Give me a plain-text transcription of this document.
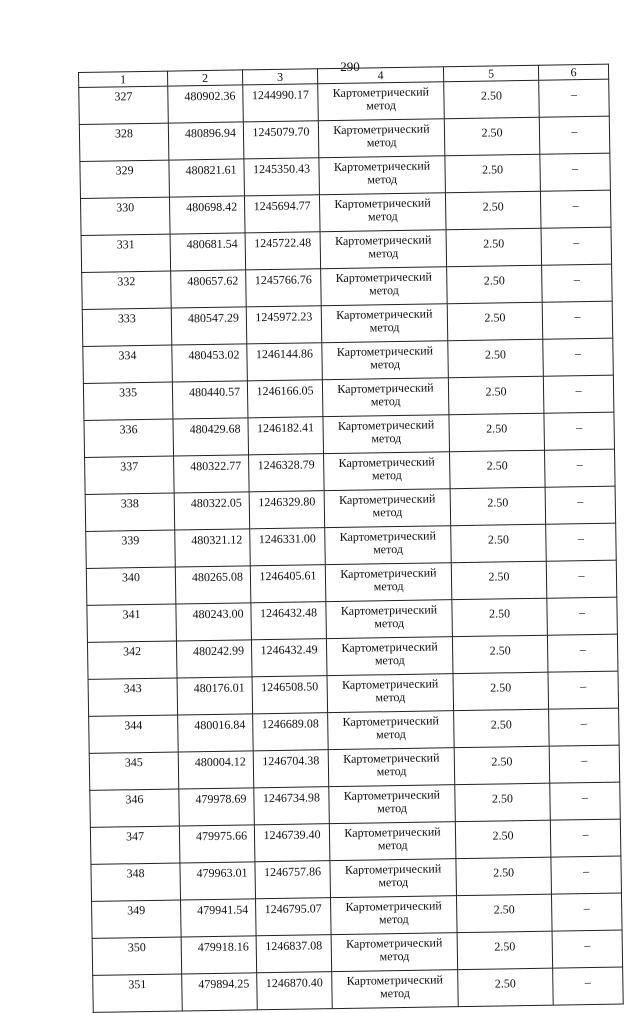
290
1	2	3	4	5	6
327	480902.36	1244990.17	Картометрический метод	2.50	–
328	480896.94	1245079.70	Картометрический метод	2.50	–
329	480821.61	1245350.43	Картометрический метод	2.50	–
330	480698.42	1245694.77	Картометрический метод	2.50	–
331	480681.54	1245722.48	Картометрический метод	2.50	–
332	480657.62	1245766.76	Картометрический метод	2.50	–
333	480547.29	1245972.23	Картометрический метод	2.50	–
334	480453.02	1246144.86	Картометрический метод	2.50	–
335	480440.57	1246166.05	Картометрический метод	2.50	–
336	480429.68	1246182.41	Картометрический метод	2.50	–
337	480322.77	1246328.79	Картометрический метод	2.50	–
338	480322.05	1246329.80	Картометрический метод	2.50	–
339	480321.12	1246331.00	Картометрический метод	2.50	–
340	480265.08	1246405.61	Картометрический метод	2.50	–
341	480243.00	1246432.48	Картометрический метод	2.50	–
342	480242.99	1246432.49	Картометрический метод	2.50	–
343	480176.01	1246508.50	Картометрический метод	2.50	–
344	480016.84	1246689.08	Картометрический метод	2.50	–
345	480004.12	1246704.38	Картометрический метод	2.50	–
346	479978.69	1246734.98	Картометрический метод	2.50	–
347	479975.66	1246739.40	Картометрический метод	2.50	–
348	479963.01	1246757.86	Картометрический метод	2.50	–
349	479941.54	1246795.07	Картометрический метод	2.50	–
350	479918.16	1246837.08	Картометрический метод	2.50	–
351	479894.25	1246870.40	Картометрический метод	2.50	–
